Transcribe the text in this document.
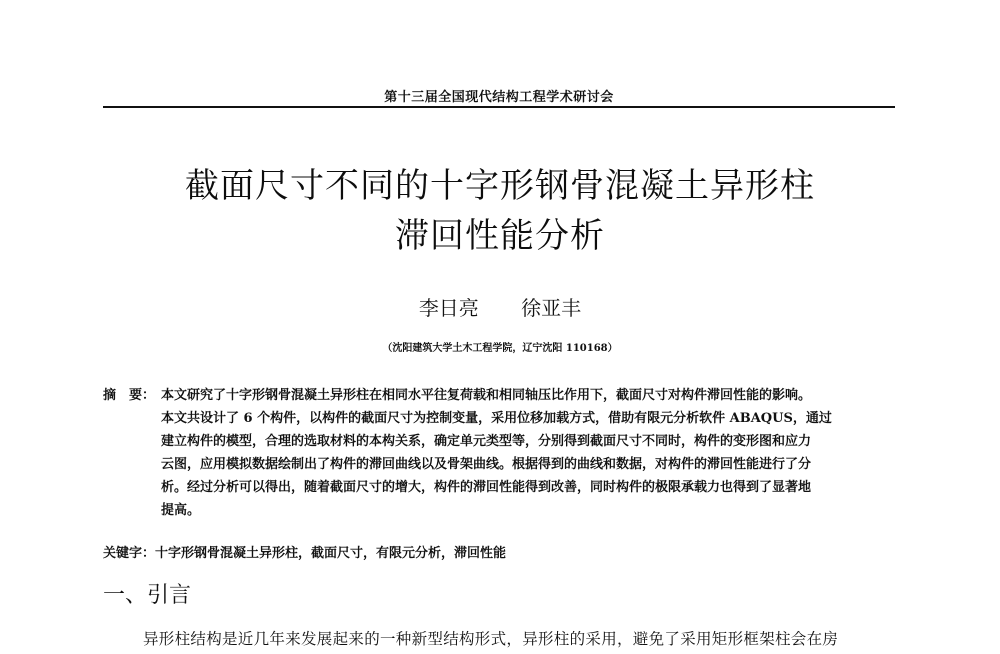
第十三届全国现代结构工程学术研讨会
截面尺寸不同的十字形钢骨混凝土异形柱
滞回性能分析
李日亮 徐亚丰
（沈阳建筑大学土木工程学院，辽宁沈阳 110168）
摘　要： 本文研究了十字形钢骨混凝土异形柱在相同水平往复荷载和相同轴压比作用下，截面尺寸对构件滞回性能的影响。
本文共设计了 6 个构件，以构件的截面尺寸为控制变量，采用位移加载方式，借助有限元分析软件 ABAQUS，通过
建立构件的模型，合理的选取材料的本构关系，确定单元类型等，分别得到截面尺寸不同时，构件的变形图和应力
云图，应用模拟数据绘制出了构件的滞回曲线以及骨架曲线。根据得到的曲线和数据，对构件的滞回性能进行了分
析。经过分析可以得出，随着截面尺寸的增大，构件的滞回性能得到改善，同时构件的极限承载力也得到了显著地
提高。
关键字：十字形钢骨混凝土异形柱，截面尺寸，有限元分析，滞回性能
一、引言
异形柱结构是近几年来发展起来的一种新型结构形式，异形柱的采用，避免了采用矩形框架柱会在房
